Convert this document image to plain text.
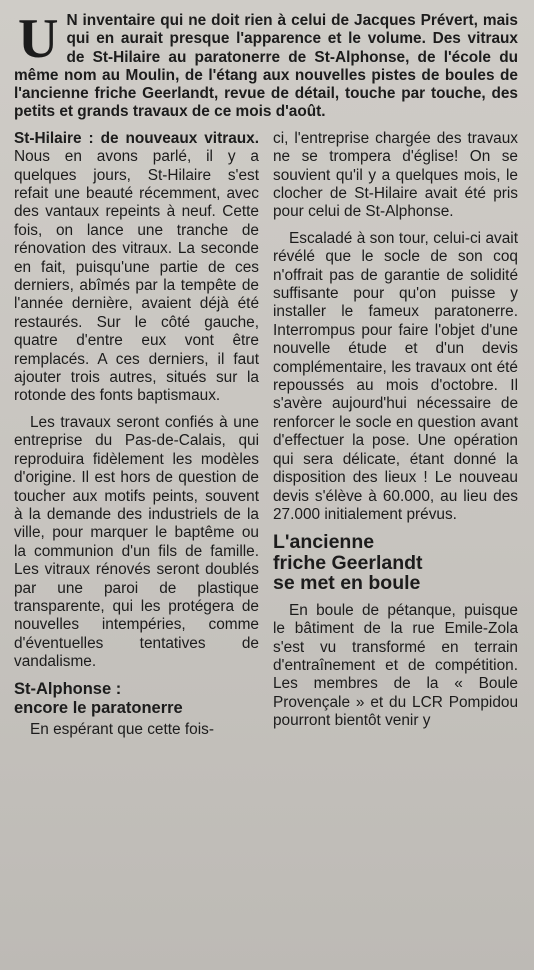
U N inventaire qui ne doit rien à celui de Jacques Prévert, mais qui en aurait presque l'apparence et le volume. Des vitraux de St-Hilaire au paratonerre de St-Alphonse, de l'école du même nom au Moulin, de l'étang aux nouvelles pistes de boules de l'ancienne friche Geerlandt, revue de détail, touche par touche, des petits et grands travaux de ce mois d'août.

St-Hilaire : de nouveaux vitraux. Nous en avons parlé, il y a quelques jours, St-Hilaire s'est refait une beauté récemment, avec des vantaux repeints à neuf. Cette fois, on lance une tranche de rénovation des vitraux. La seconde en fait, puisqu'une partie de ces derniers, abîmés par la tempête de l'année dernière, avaient déjà été restaurés. Sur le côté gauche, quatre d'entre eux vont être remplacés. A ces derniers, il faut ajouter trois autres, situés sur la rotonde des fonts baptismaux.

Les travaux seront confiés à une entreprise du Pas-de-Calais, qui reproduira fidèlement les modèles d'origine. Il est hors de question de toucher aux motifs peints, souvent à la demande des industriels de la ville, pour marquer le baptême ou la communion d'un fils de famille. Les vitraux rénovés seront doublés par une paroi de plastique transparente, qui les protégera de nouvelles intempéries, comme d'éventuelles tentatives de vandalisme.

St-Alphonse :
encore le paratonerre

En espérant que cette fois-

ci, l'entreprise chargée des travaux ne se trompera d'église! On se souvient qu'il y a quelques mois, le clocher de St-Hilaire avait été pris pour celui de St-Alphonse.

Escaladé à son tour, celui-ci avait révélé que le socle de son coq n'offrait pas de garantie de solidité suffisante pour qu'on puisse y installer le fameux paratonerre. Interrompus pour faire l'objet d'une nouvelle étude et d'un devis complémentaire, les travaux ont été repoussés au mois d'octobre. Il s'avère aujourd'hui nécessaire de renforcer le socle en question avant d'effectuer la pose. Une opération qui sera délicate, étant donné la disposition des lieux ! Le nouveau devis s'élève à 60.000, au lieu des 27.000 initialement prévus.

L'ancienne
friche Geerlandt
se met en boule

En boule de pétanque, puisque le bâtiment de la rue Emile-Zola s'est vu transformé en terrain d'entraînement et de compétition. Les membres de la « Boule Provençale » et du LCR Pompidou pourront bientôt venir y
